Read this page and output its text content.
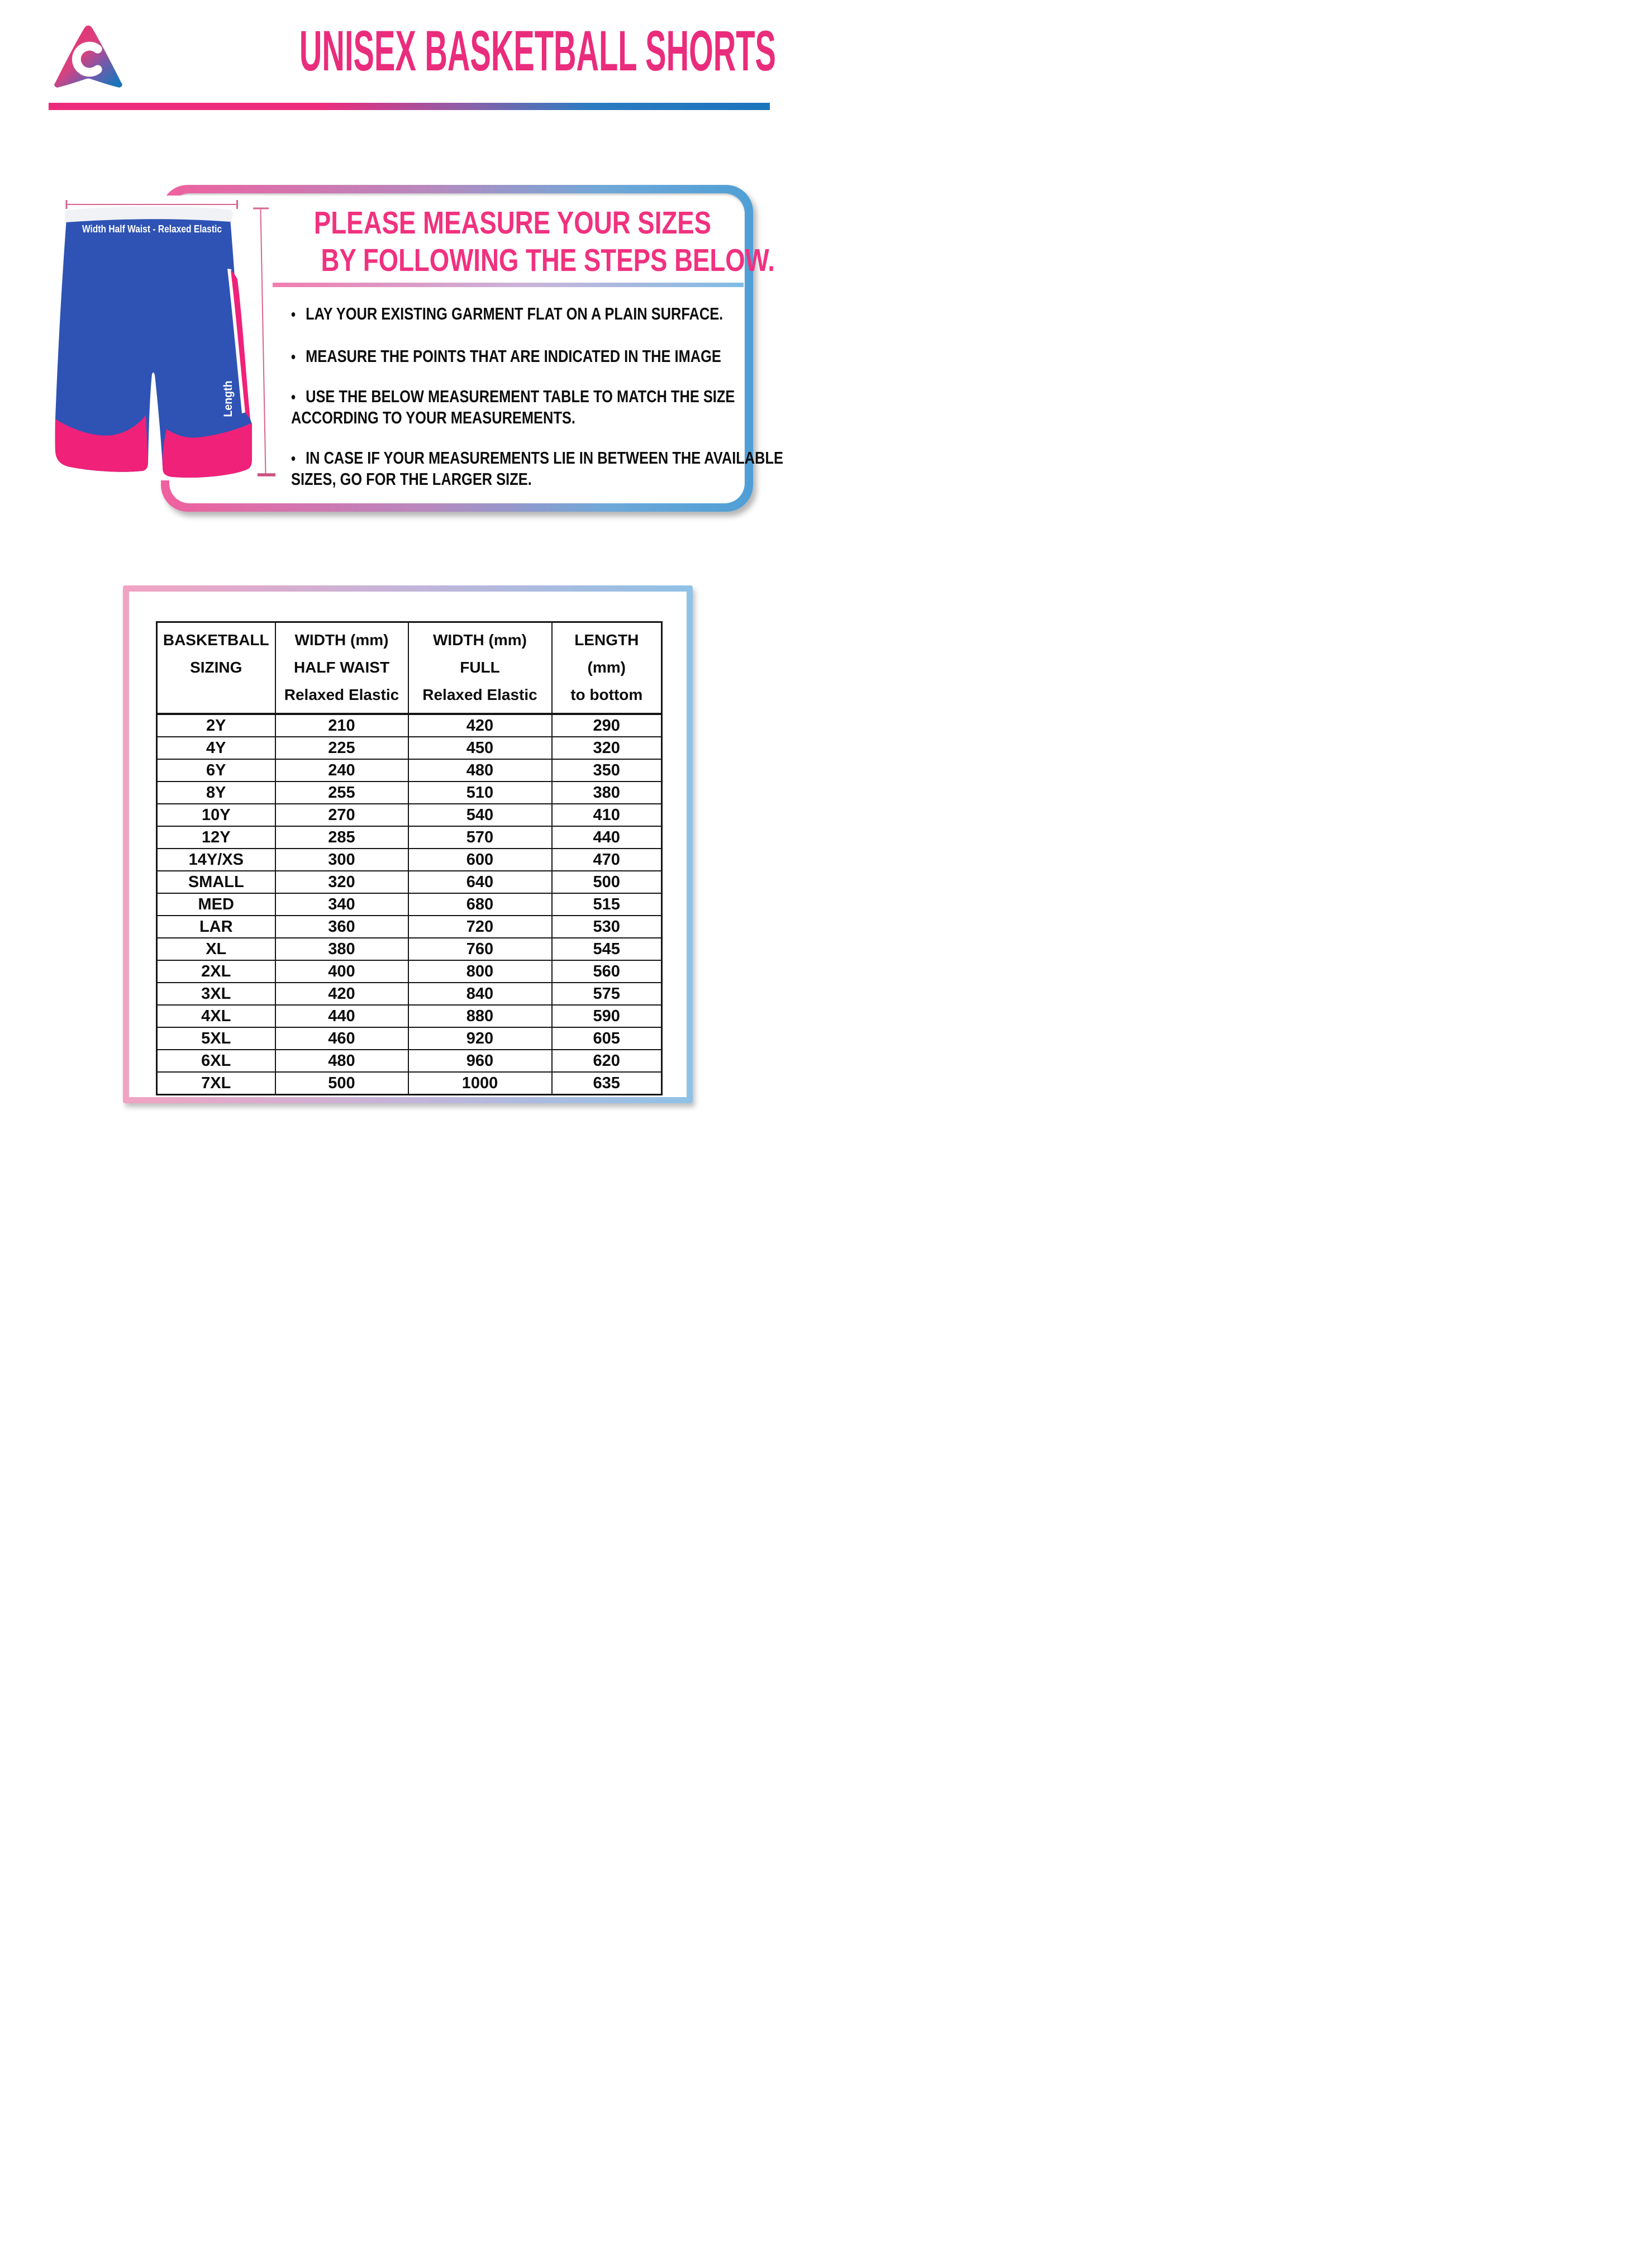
UNISEX BASKETBALL SHORTS
PLEASE MEASURE YOUR SIZES
BY FOLLOWING THE STEPS BELOW.
• LAY YOUR EXISTING GARMENT FLAT ON A PLAIN SURFACE.
• MEASURE THE POINTS THAT ARE INDICATED IN THE IMAGE
• USE THE BELOW MEASUREMENT TABLE TO MATCH THE SIZE
ACCORDING TO YOUR MEASUREMENTS.
• IN CASE IF YOUR MEASUREMENTS LIE IN BETWEEN THE AVAILABLE
SIZES, GO FOR THE LARGER SIZE.
Width Half Waist - Relaxed Elastic
Length
BASKETBALL
SIZING

WIDTH (mm)
HALF WAIST
Relaxed Elastic

WIDTH (mm)
FULL
Relaxed Elastic

LENGTH
(mm)
to bottom

2Y	210	420	290
4Y	225	450	320
6Y	240	480	350
8Y	255	510	380
10Y	270	540	410
12Y	285	570	440
14Y/XS	300	600	470
SMALL	320	640	500
MED	340	680	515
LAR	360	720	530
XL	380	760	545
2XL	400	800	560
3XL	420	840	575
4XL	440	880	590
5XL	460	920	605
6XL	480	960	620
7XL	500	1000	635
